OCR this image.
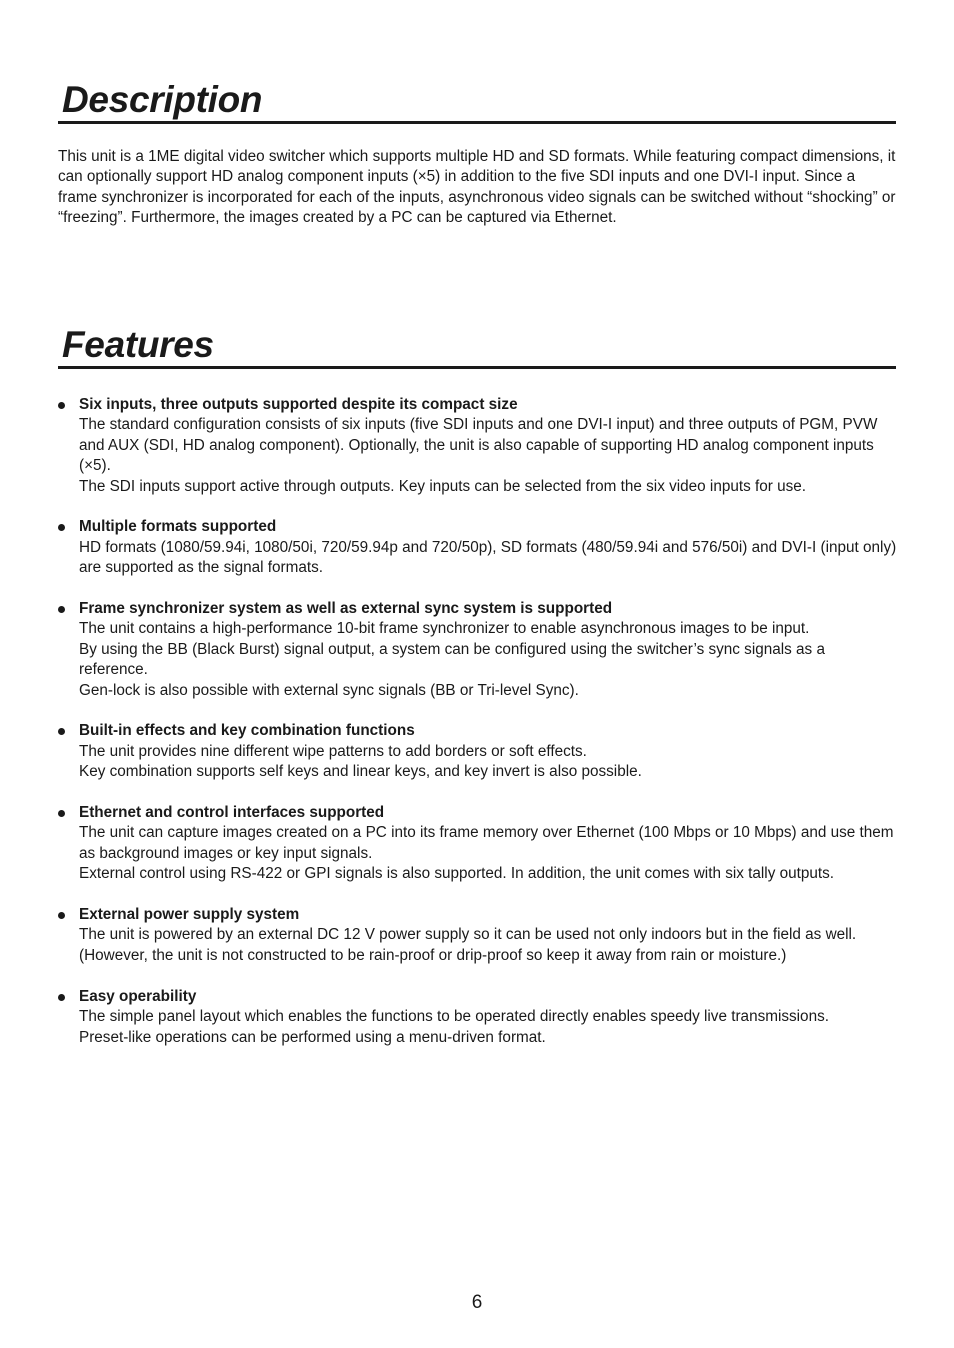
Description

This unit is a 1ME digital video switcher which supports multiple HD and SD formats. While featuring compact dimensions, it can optionally support HD analog component inputs (×5) in addition to the five SDI inputs and one DVI-I input. Since a frame synchronizer is incorporated for each of the inputs, asynchronous video signals can be switched without “shocking” or “freezing”. Furthermore, the images created by a PC can be captured via Ethernet.

Features
Six inputs, three outputs supported despite its compact size
The standard configuration consists of six inputs (five SDI inputs and one DVI-I input) and three outputs of PGM, PVW and AUX (SDI, HD analog component). Optionally, the unit is also capable of supporting HD analog component inputs (×5).
The SDI inputs support active through outputs. Key inputs can be selected from the six video inputs for use.
Multiple formats supported
HD formats (1080/59.94i, 1080/50i, 720/59.94p and 720/50p), SD formats (480/59.94i and 576/50i) and DVI-I (input only) are supported as the signal formats.
Frame synchronizer system as well as external sync system is supported
The unit contains a high-performance 10-bit frame synchronizer to enable asynchronous images to be input.
By using the BB (Black Burst) signal output, a system can be configured using the switcher’s sync signals as a reference.
Gen-lock is also possible with external sync signals (BB or Tri-level Sync).
Built-in effects and key combination functions
The unit provides nine different wipe patterns to add borders or soft effects.
Key combination supports self keys and linear keys, and key invert is also possible.
Ethernet and control interfaces supported
The unit can capture images created on a PC into its frame memory over Ethernet (100 Mbps or 10 Mbps) and use them as background images or key input signals.
External control using RS-422 or GPI signals is also supported. In addition, the unit comes with six tally outputs.
External power supply system
The unit is powered by an external DC 12 V power supply so it can be used not only indoors but in the field as well. (However, the unit is not constructed to be rain-proof or drip-proof so keep it away from rain or moisture.)
Easy operability
The simple panel layout which enables the functions to be operated directly enables speedy live transmissions.
Preset-like operations can be performed using a menu-driven format.
6
